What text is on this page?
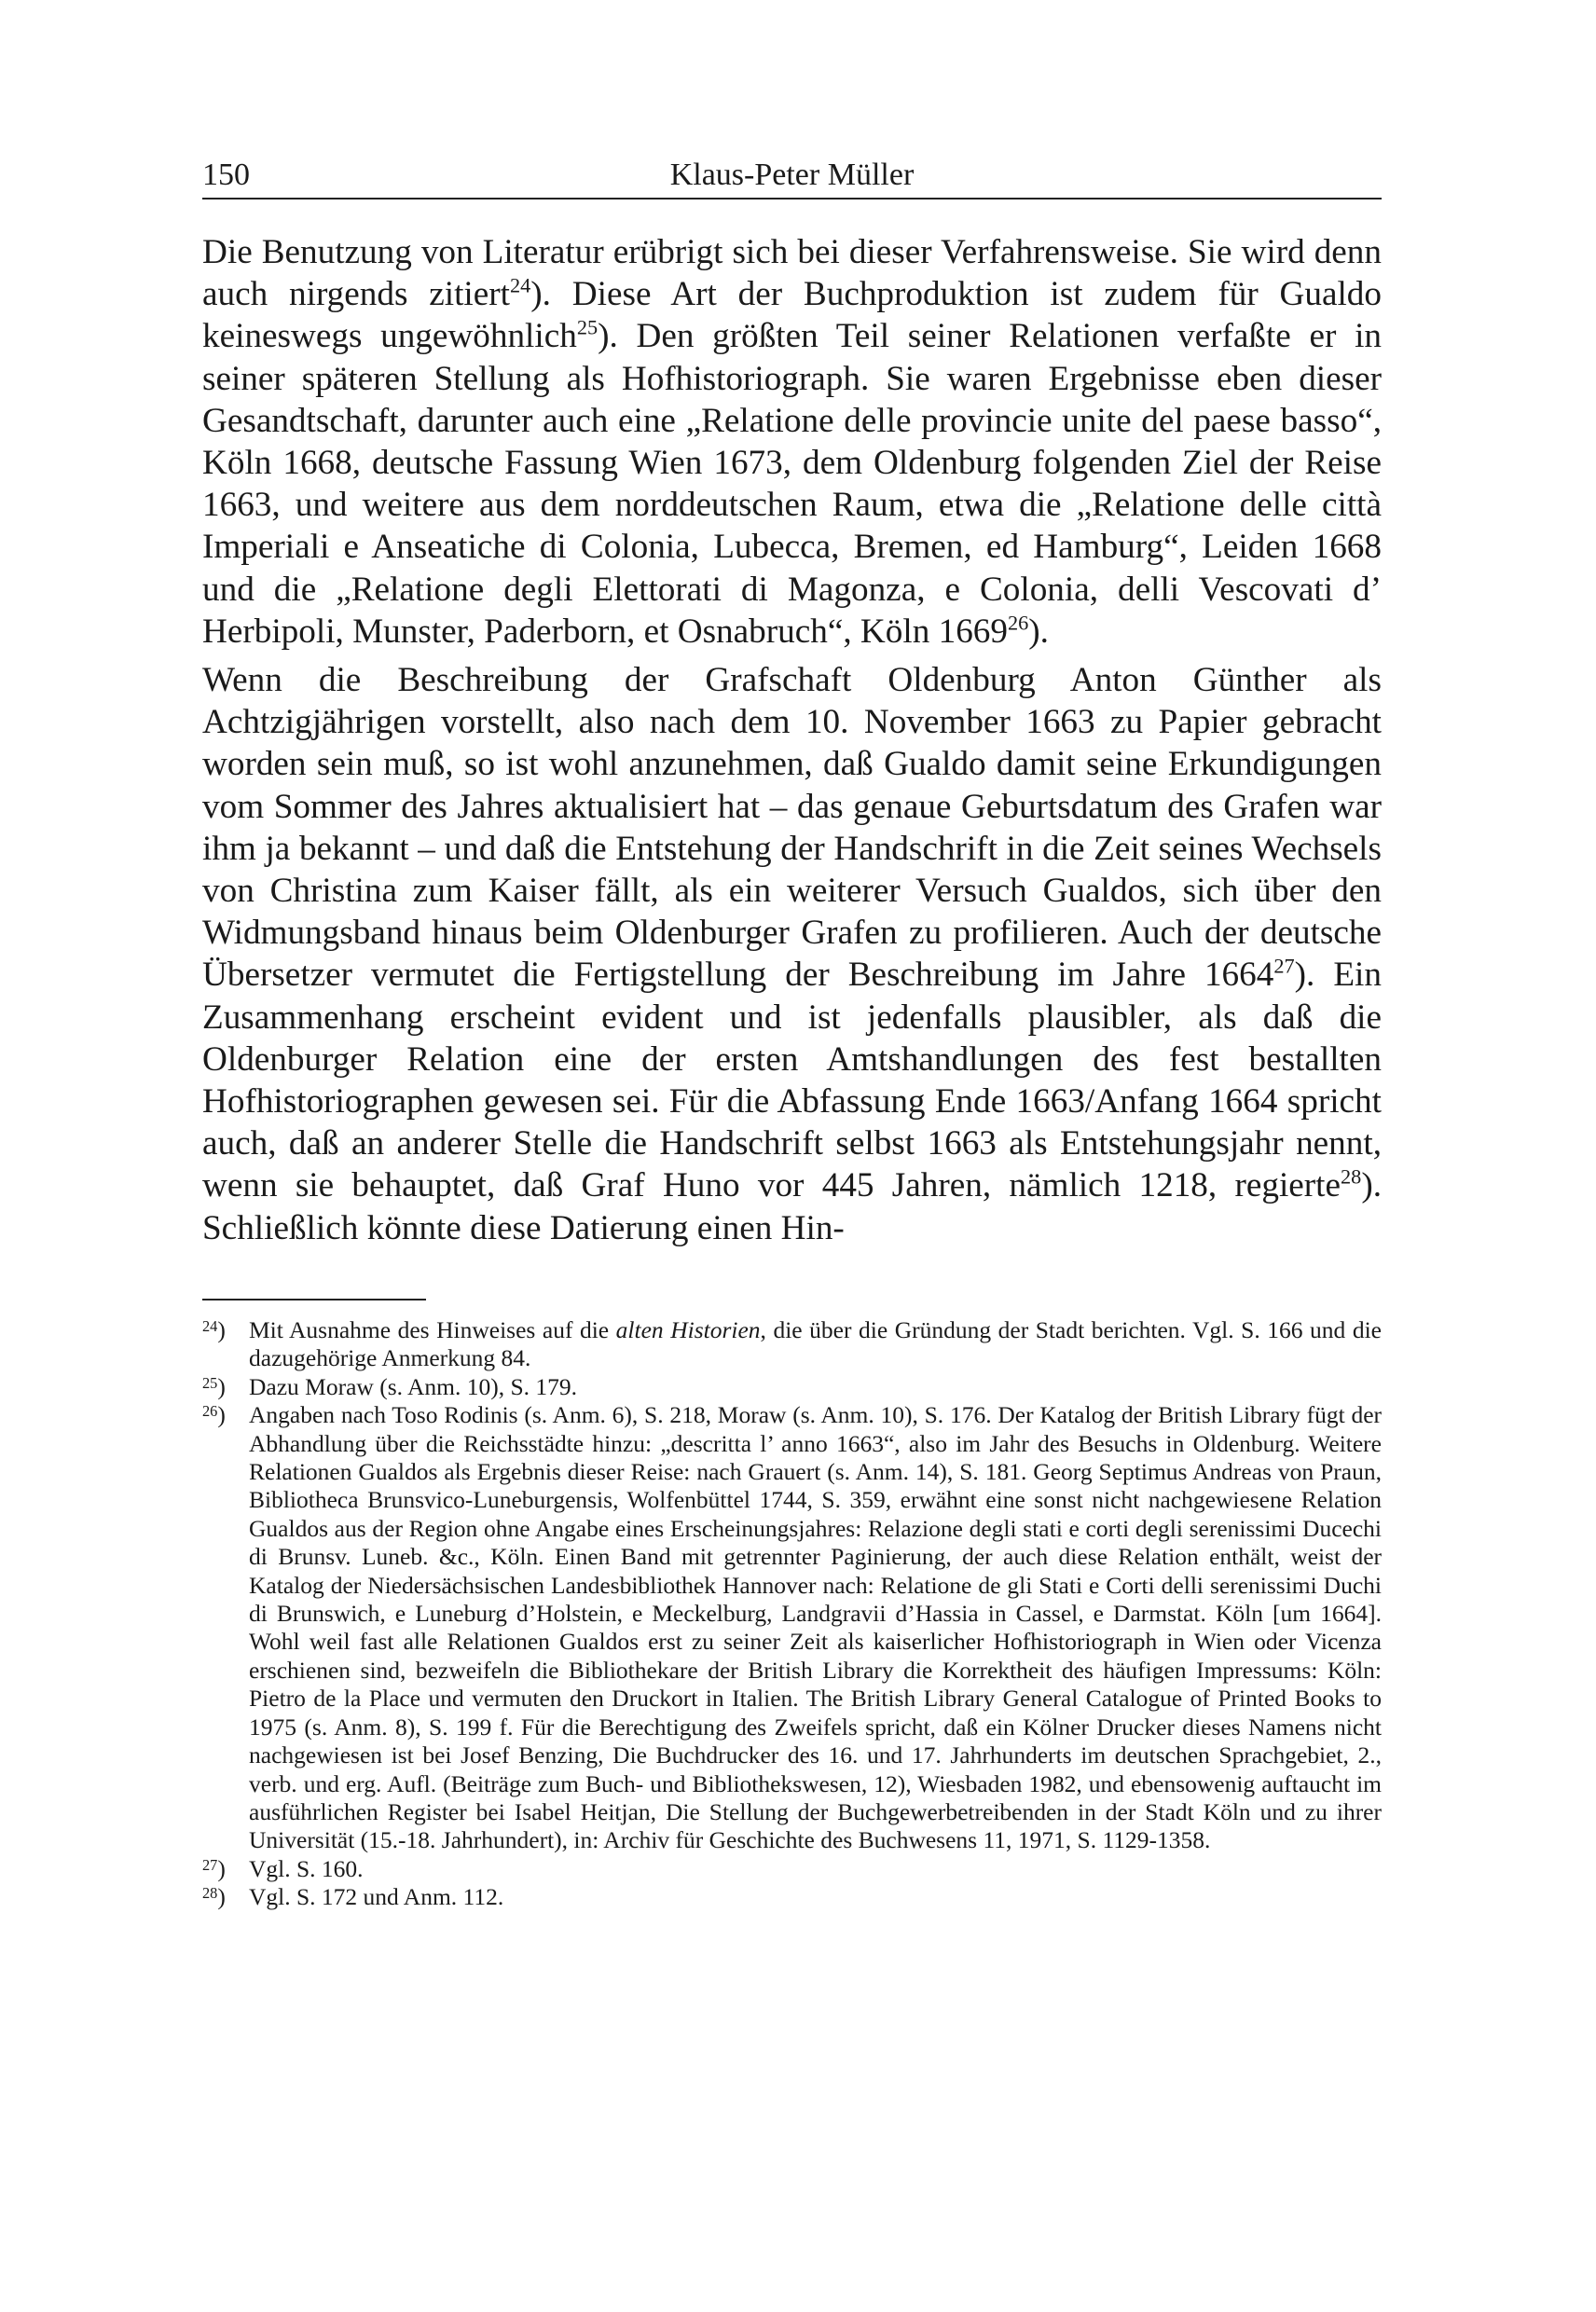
150	Klaus-Peter Müller

Die Benutzung von Literatur erübrigt sich bei dieser Verfahrensweise. Sie wird denn auch nirgends zitiert$^{24}$). Diese Art der Buchproduktion ist zudem für Gualdo keineswegs ungewöhnlich$^{25}$). Den größten Teil seiner Relationen verfaßte er in seiner späteren Stellung als Hofhistoriograph. Sie waren Ergebnisse eben dieser Gesandtschaft, darunter auch eine „Relatione delle provincie unite del paese basso“, Köln 1668, deutsche Fassung Wien 1673, dem Oldenburg folgenden Ziel der Reise 1663, und weitere aus dem norddeutschen Raum, etwa die „Relatione delle città Imperiali e Anseatiche di Colonia, Lubecca, Bremen, ed Hamburg“, Leiden 1668 und die „Relatione degli Elettorati di Magonza, e Colonia, delli Vescovati d’ Herbipoli, Munster, Paderborn, et Osnabruch“, Köln 1669$^{26}$).

Wenn die Beschreibung der Grafschaft Oldenburg Anton Günther als Achtzigjährigen vorstellt, also nach dem 10. November 1663 zu Papier gebracht worden sein muß, so ist wohl anzunehmen, daß Gualdo damit seine Erkundigungen vom Sommer des Jahres aktualisiert hat – das genaue Geburtsdatum des Grafen war ihm ja bekannt – und daß die Entstehung der Handschrift in die Zeit seines Wechsels von Christina zum Kaiser fällt, als ein weiterer Versuch Gualdos, sich über den Widmungsband hinaus beim Oldenburger Grafen zu profilieren. Auch der deutsche Übersetzer vermutet die Fertigstellung der Beschreibung im Jahre 1664$^{27}$). Ein Zusammenhang erscheint evident und ist jedenfalls plausibler, als daß die Oldenburger Relation eine der ersten Amtshandlungen des fest bestallten Hofhistoriographen gewesen sei. Für die Abfassung Ende 1663/Anfang 1664 spricht auch, daß an anderer Stelle die Handschrift selbst 1663 als Entstehungsjahr nennt, wenn sie behauptet, daß Graf Huno vor 445 Jahren, nämlich 1218, regierte$^{28}$). Schließlich könnte diese Datierung einen Hin-

$^{24}$) Mit Ausnahme des Hinweises auf die alten Historien, die über die Gründung der Stadt berichten. Vgl. S. 166 und die dazugehörige Anmerkung 84.

$^{25}$) Dazu Moraw (s. Anm. 10), S. 179.

$^{26}$) Angaben nach Toso Rodinis (s. Anm. 6), S. 218, Moraw (s. Anm. 10), S. 176. Der Katalog der British Library fügt der Abhandlung über die Reichsstädte hinzu: „descritta l’ anno 1663“, also im Jahr des Besuchs in Oldenburg. Weitere Relationen Gualdos als Ergebnis dieser Reise: nach Grauert (s. Anm. 14), S. 181. Georg Septimus Andreas von Praun, Bibliotheca Brunsvico-Luneburgensis, Wolfenbüttel 1744, S. 359, erwähnt eine sonst nicht nachgewiesene Relation Gualdos aus der Region ohne Angabe eines Erscheinungsjahres: Relazione degli stati e corti degli serenissimi Ducechi di Brunsv. Luneb. &c., Köln. Einen Band mit getrennter Paginierung, der auch diese Relation enthält, weist der Katalog der Niedersächsischen Landesbibliothek Hannover nach: Relatione de gli Stati e Corti delli serenissimi Duchi di Brunswich, e Luneburg d’Holstein, e Meckelburg, Landgravii d’Hassia in Cassel, e Darmstat. Köln [um 1664]. Wohl weil fast alle Relationen Gualdos erst zu seiner Zeit als kaiserlicher Hofhistoriograph in Wien oder Vicenza erschienen sind, bezweifeln die Bibliothekare der British Library die Korrektheit des häufigen Impressums: Köln: Pietro de la Place und vermuten den Druckort in Italien. The British Library General Catalogue of Printed Books to 1975 (s. Anm. 8), S. 199 f. Für die Berechtigung des Zweifels spricht, daß ein Kölner Drucker dieses Namens nicht nachgewiesen ist bei Josef Benzing, Die Buchdrucker des 16. und 17. Jahrhunderts im deutschen Sprachgebiet, 2., verb. und erg. Aufl. (Beiträge zum Buch- und Bibliothekswesen, 12), Wiesbaden 1982, und ebensowenig auftaucht im ausführlichen Register bei Isabel Heitjan, Die Stellung der Buchgewerbetreibenden in der Stadt Köln und zu ihrer Universität (15.-18. Jahrhundert), in: Archiv für Geschichte des Buchwesens 11, 1971, S. 1129-1358.

$^{27}$) Vgl. S. 160.

$^{28}$) Vgl. S. 172 und Anm. 112.
